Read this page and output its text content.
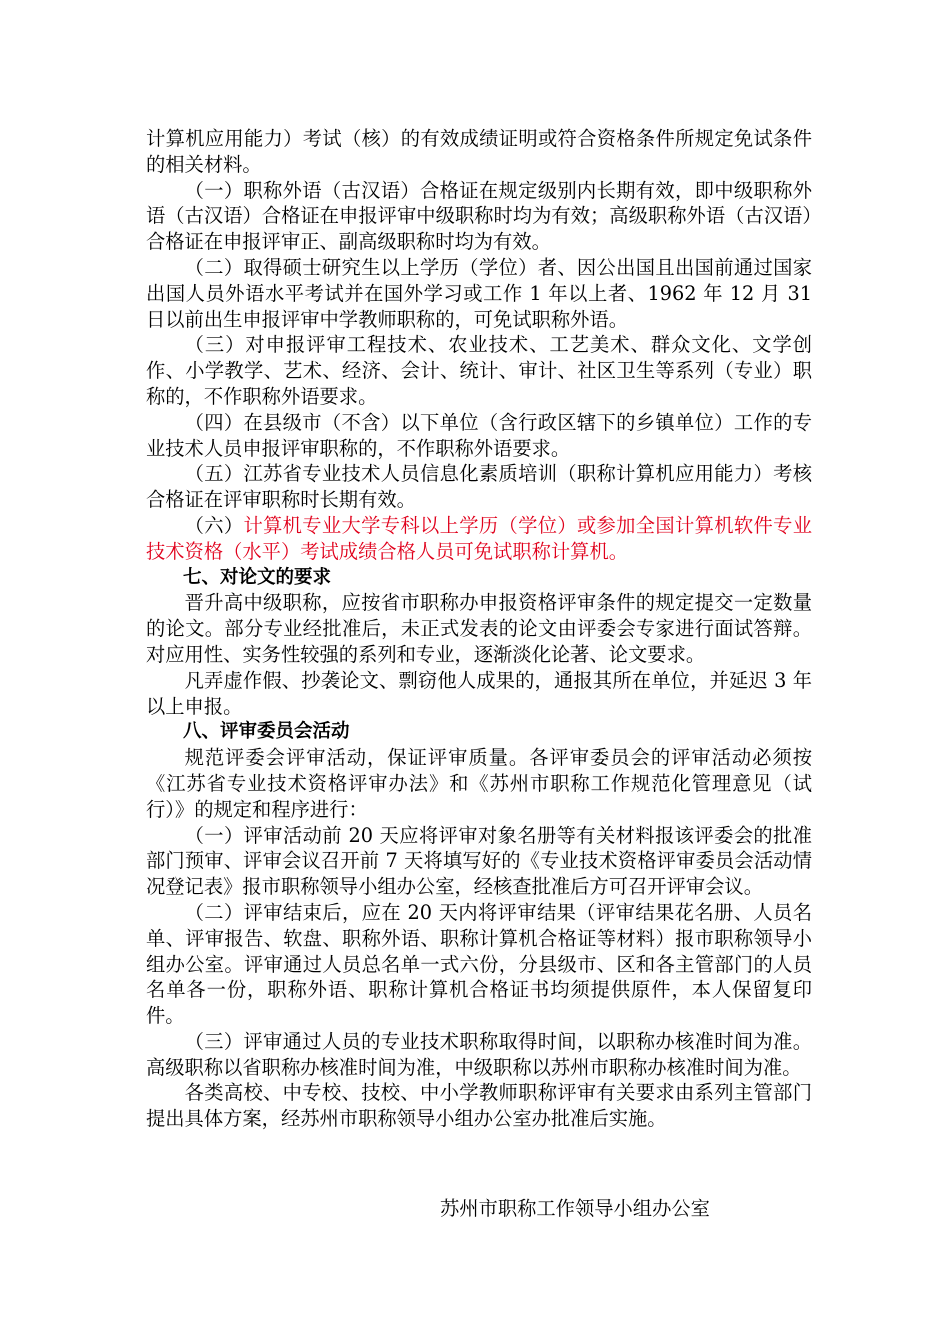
计算机应用能力）考试（核）的有效成绩证明或符合资格条件所规定免试条件的相关材料。

（一）职称外语（古汉语）合格证在规定级别内长期有效，即中级职称外语（古汉语）合格证在申报评审中级职称时均为有效；高级职称外语（古汉语）合格证在申报评审正、副高级职称时均为有效。

（二）取得硕士研究生以上学历（学位）者、因公出国且出国前通过国家出国人员外语水平考试并在国外学习或工作 1 年以上者、1962 年 12 月 31 日以前出生申报评审中学教师职称的，可免试职称外语。

（三）对申报评审工程技术、农业技术、工艺美术、群众文化、文学创作、小学教学、艺术、经济、会计、统计、审计、社区卫生等系列（专业）职称的，不作职称外语要求。

（四）在县级市（不含）以下单位（含行政区辖下的乡镇单位）工作的专业技术人员申报评审职称的，不作职称外语要求。

（五）江苏省专业技术人员信息化素质培训（职称计算机应用能力）考核合格证在评审职称时长期有效。

（六）计算机专业大学专科以上学历（学位）或参加全国计算机软件专业技术资格（水平）考试成绩合格人员可免试职称计算机。

七、对论文的要求

晋升高中级职称，应按省市职称办申报资格评审条件的规定提交一定数量的论文。部分专业经批准后，未正式发表的论文由评委会专家进行面试答辩。对应用性、实务性较强的系列和专业，逐渐淡化论著、论文要求。

凡弄虚作假、抄袭论文、剽窃他人成果的，通报其所在单位，并延迟 3 年以上申报。

八、评审委员会活动

规范评委会评审活动，保证评审质量。各评审委员会的评审活动必须按《江苏省专业技术资格评审办法》和《苏州市职称工作规范化管理意见（试行）》的规定和程序进行：

（一）评审活动前 20 天应将评审对象名册等有关材料报该评委会的批准部门预审、评审会议召开前 7 天将填写好的《专业技术资格评审委员会活动情况登记表》报市职称领导小组办公室，经核查批准后方可召开评审会议。

（二）评审结束后，应在 20 天内将评审结果（评审结果花名册、人员名单、评审报告、软盘、职称外语、职称计算机合格证等材料）报市职称领导小组办公室。评审通过人员总名单一式六份，分县级市、区和各主管部门的人员名单各一份，职称外语、职称计算机合格证书均须提供原件，本人保留复印件。

（三）评审通过人员的专业技术职称取得时间，以职称办核准时间为准。高级职称以省职称办核准时间为准，中级职称以苏州市职称办核准时间为准。

各类高校、中专校、技校、中小学教师职称评审有关要求由系列主管部门提出具体方案，经苏州市职称领导小组办公室办批准后实施。

苏州市职称工作领导小组办公室
